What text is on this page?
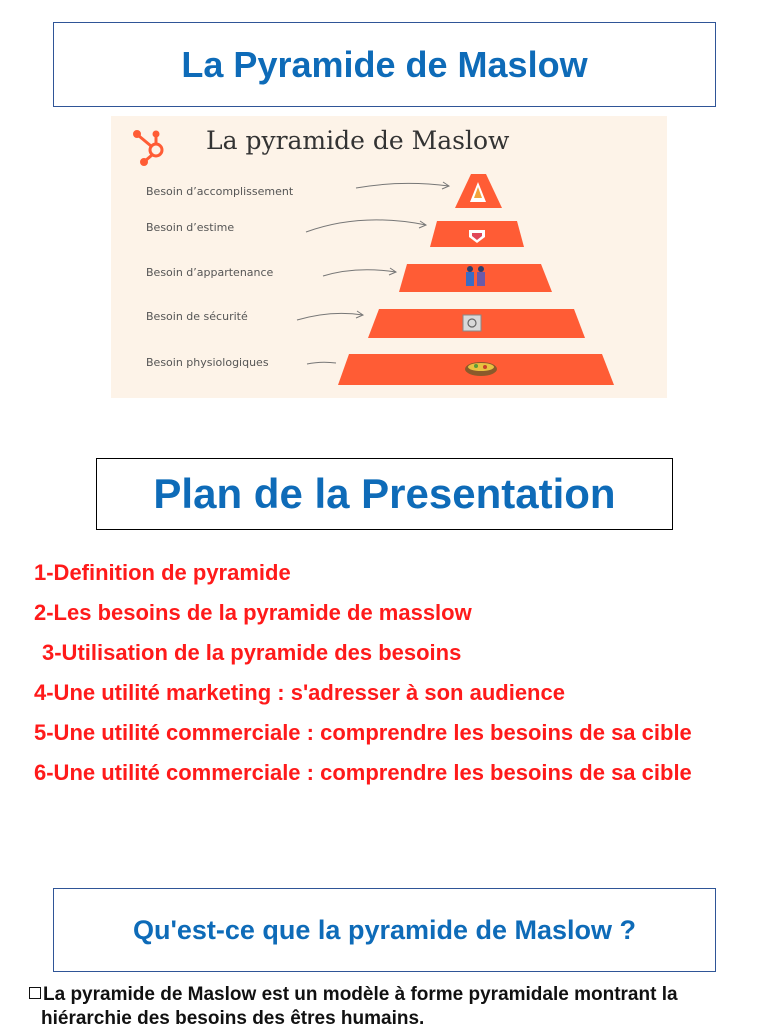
La Pyramide de Maslow
La pyramide de Maslow
Besoin d’accomplissement
Besoin d’estime
Besoin d’appartenance
Besoin de sécurité
Besoin physiologiques
Plan de la Presentation
1-Definition de pyramide
2-Les besoins de la pyramide de masslow
3-Utilisation de la pyramide des besoins
4-Une utilité marketing : s'adresser à son audience
5-Une utilité commerciale : comprendre les besoins de sa cible
6-Une utilité commerciale : comprendre les besoins de sa cible
Qu'est-ce que la pyramide de Maslow ?
La pyramide de Maslow est un modèle à forme pyramidale montrant la
hiérarchie des besoins des êtres humains.
